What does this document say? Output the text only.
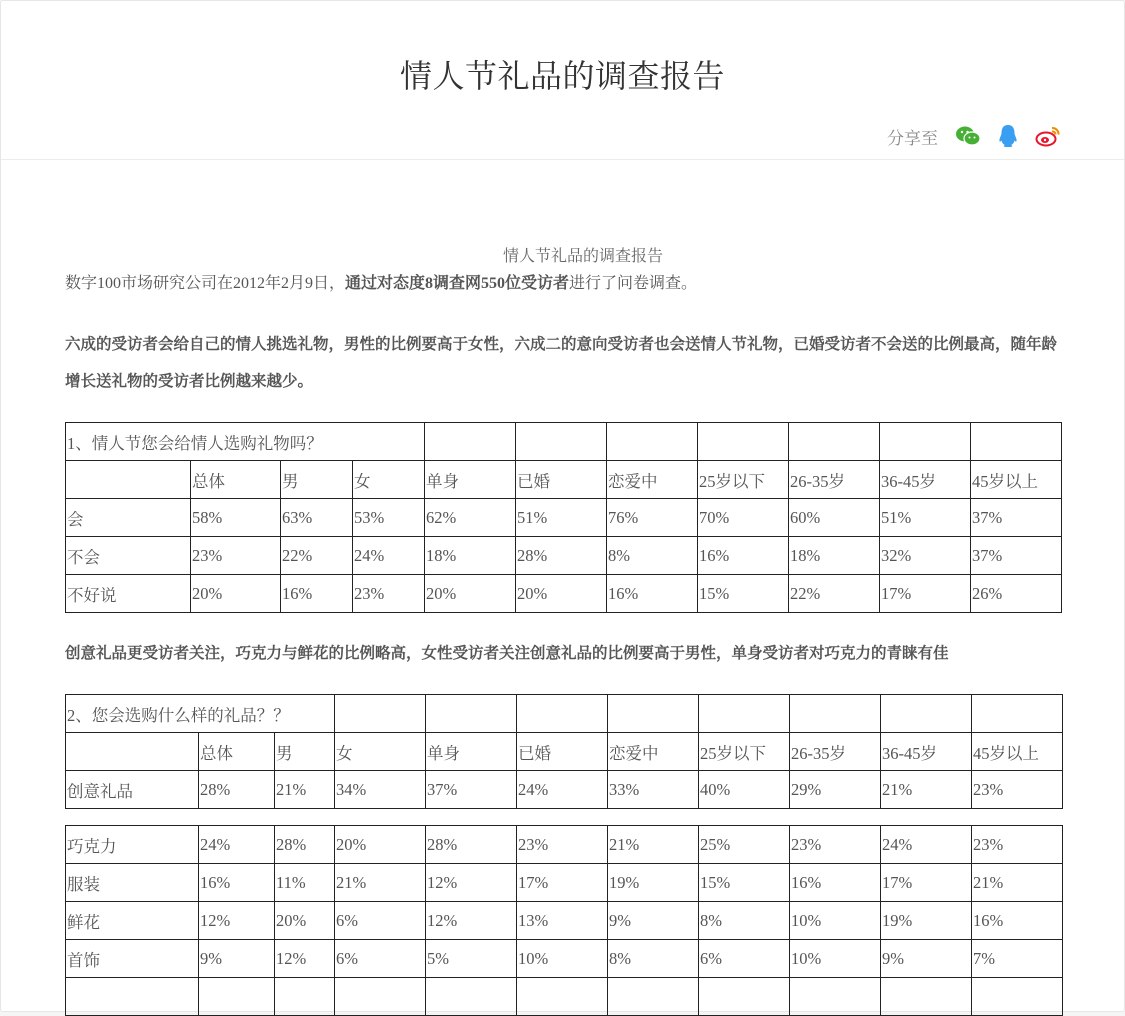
情人节礼品的调查报告
分享至
情人节礼品的调查报告
数字100市场研究公司在2012年2月9日，通过对态度8调查网550位受访者进行了问卷调查。
六成的受访者会给自己的情人挑选礼物，男性的比例要高于女性，六成二的意向受访者也会送情人节礼物，已婚受访者不会送的比例最高，随年龄增长送礼物的受访者比例越来越少。
1、情人节您会给情人选购礼物吗？										
	总体	男	女	单身	已婚	恋爱中	25岁以下	26-35岁	36-45岁	45岁以上
会	58%	63%	53%	62%	51%	76%	70%	60%	51%	37%
不会	23%	22%	24%	18%	28%	8%	16%	18%	32%	37%
不好说	20%	16%	23%	20%	20%	16%	15%	22%	17%	26%
创意礼品更受访者关注，巧克力与鲜花的比例略高，女性受访者关注创意礼品的比例要高于男性，单身受访者对巧克力的青睐有佳
2、您会选购什么样的礼品？？										
	总体	男	女	单身	已婚	恋爱中	25岁以下	26-35岁	36-45岁	45岁以上
创意礼品	28%	21%	34%	37%	24%	33%	40%	29%	21%	23%
巧克力	24%	28%	20%	28%	23%	21%	25%	23%	24%	23%
服装	16%	11%	21%	12%	17%	19%	15%	16%	17%	21%
鲜花	12%	20%	6%	12%	13%	9%	8%	10%	19%	16%
首饰	9%	12%	6%	5%	10%	8%	6%	10%	9%	7%
